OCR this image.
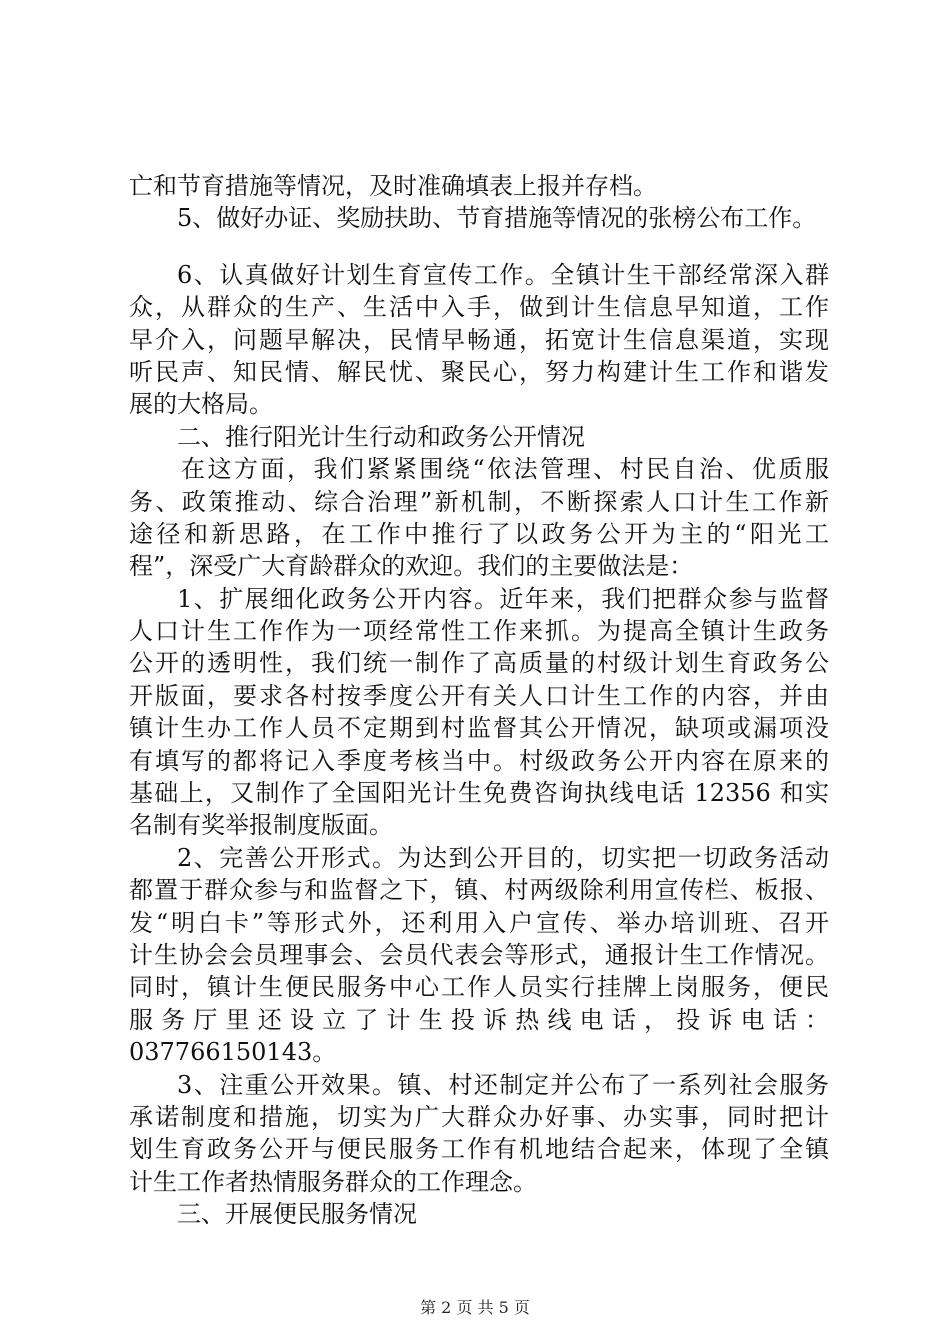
亡和节育措施等情况，及时准确填表上报并存档。
5、做好办证、奖励扶助、节育措施等情况的张榜公布工作。
6、认真做好计划生育宣传工作。全镇计生干部经常深入群
众，从群众的生产、生活中入手，做到计生信息早知道，工作
早介入，问题早解决，民情早畅通，拓宽计生信息渠道，实现
听民声、知民情、解民忧、聚民心，努力构建计生工作和谐发
展的大格局。
二、推行阳光计生行动和政务公开情况
在这方面，我们紧紧围绕“依法管理、村民自治、优质服
务、政策推动、综合治理”新机制，不断探索人口计生工作新
途径和新思路，在工作中推行了以政务公开为主的“阳光工
程”，深受广大育龄群众的欢迎。我们的主要做法是：
1、扩展细化政务公开内容。近年来，我们把群众参与监督
人口计生工作作为一项经常性工作来抓。为提高全镇计生政务
公开的透明性，我们统一制作了高质量的村级计划生育政务公
开版面，要求各村按季度公开有关人口计生工作的内容，并由
镇计生办工作人员不定期到村监督其公开情况，缺项或漏项没
有填写的都将记入季度考核当中。村级政务公开内容在原来的
基础上，又制作了全国阳光计生免费咨询执线电话 12356 和实
名制有奖举报制度版面。
2、完善公开形式。为达到公开目的，切实把一切政务活动
都置于群众参与和监督之下，镇、村两级除利用宣传栏、板报、
发“明白卡”等形式外，还利用入户宣传、举办培训班、召开
计生协会会员理事会、会员代表会等形式，通报计生工作情况。
同时，镇计生便民服务中心工作人员实行挂牌上岗服务，便民
服务厅里还设立了计生投诉热线电话，投诉电话：
037766150143。
3、注重公开效果。镇、村还制定并公布了一系列社会服务
承诺制度和措施，切实为广大群众办好事、办实事，同时把计
划生育政务公开与便民服务工作有机地结合起来，体现了全镇
计生工作者热情服务群众的工作理念。
三、开展便民服务情况
第 2 页 共 5 页
